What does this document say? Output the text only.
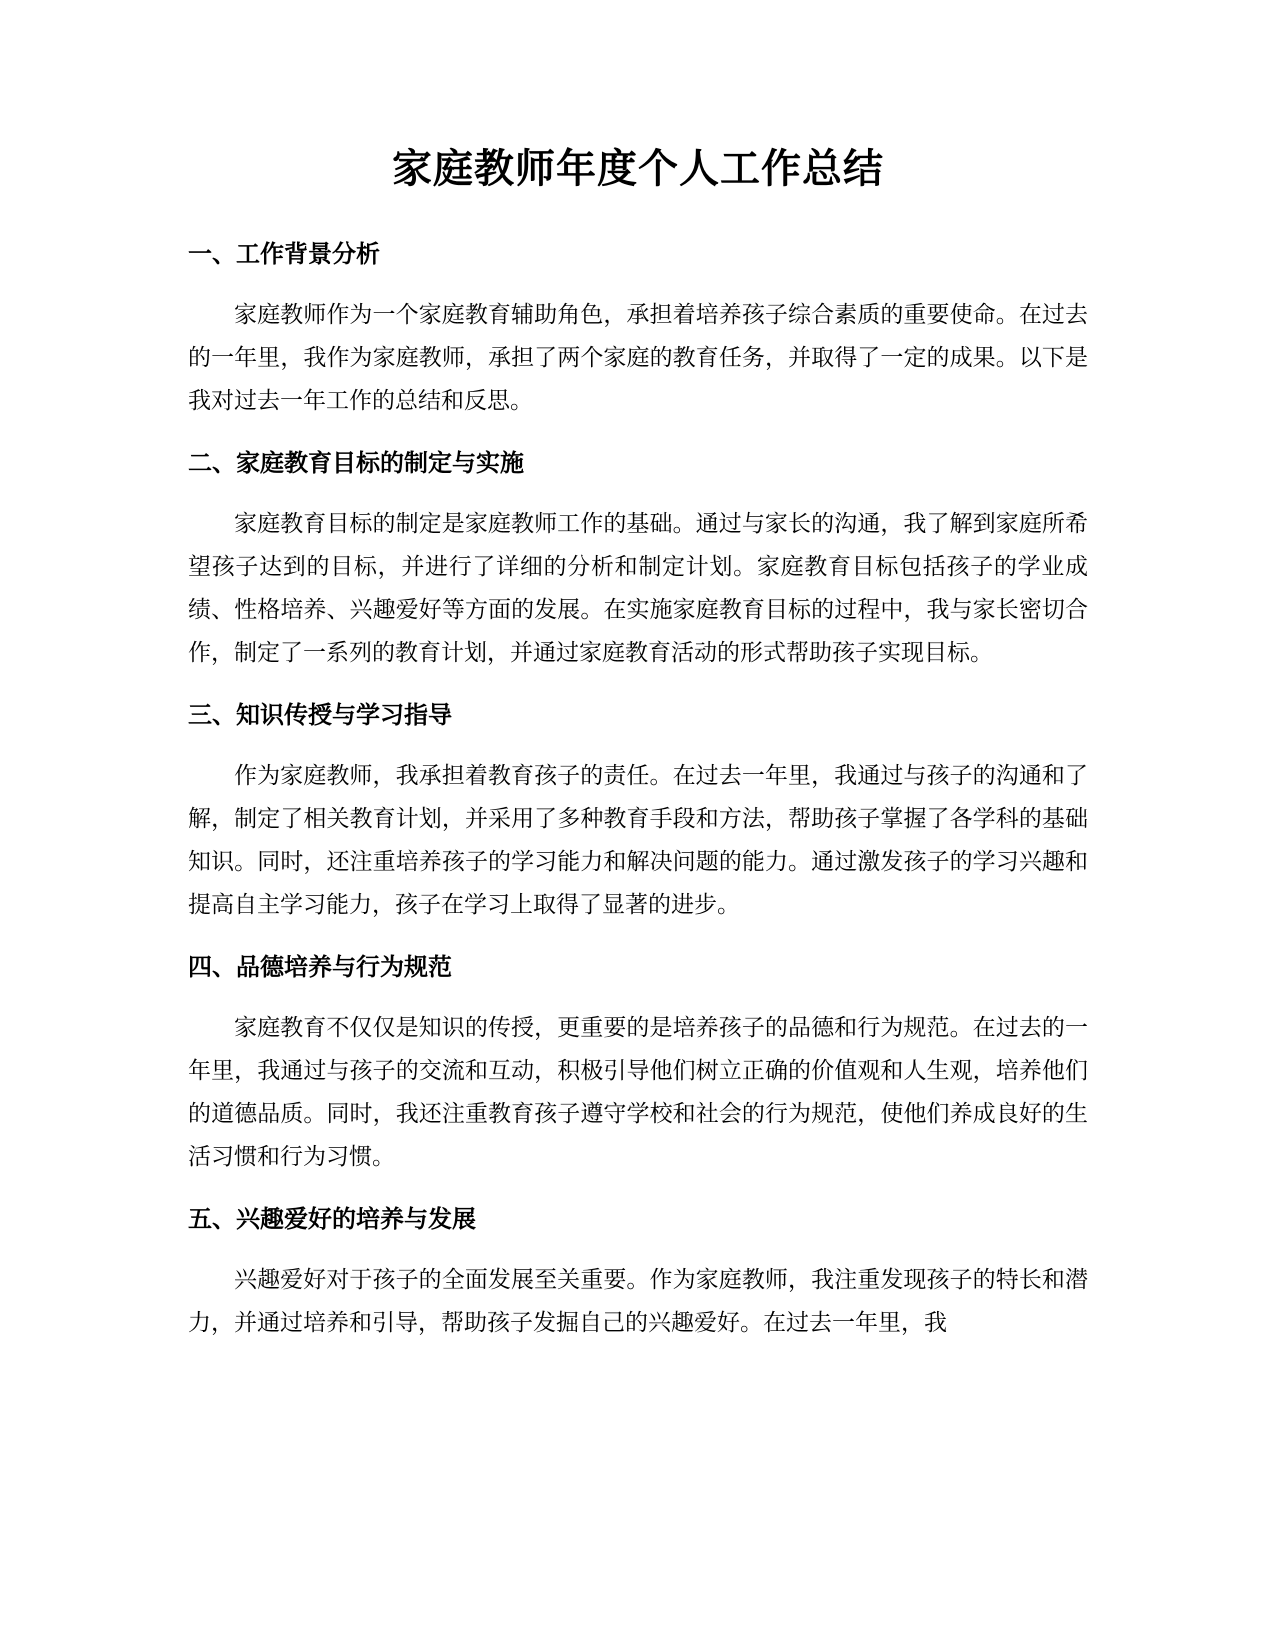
家庭教师年度个人工作总结
一、工作背景分析

家庭教师作为一个家庭教育辅助角色，承担着培养孩子综合素质的重要使命。在过去的一年里，我作为家庭教师，承担了两个家庭的教育任务，并取得了一定的成果。以下是我对过去一年工作的总结和反思。

二、家庭教育目标的制定与实施

家庭教育目标的制定是家庭教师工作的基础。通过与家长的沟通，我了解到家庭所希望孩子达到的目标，并进行了详细的分析和制定计划。家庭教育目标包括孩子的学业成绩、性格培养、兴趣爱好等方面的发展。在实施家庭教育目标的过程中，我与家长密切合作，制定了一系列的教育计划，并通过家庭教育活动的形式帮助孩子实现目标。

三、知识传授与学习指导

作为家庭教师，我承担着教育孩子的责任。在过去一年里，我通过与孩子的沟通和了解，制定了相关教育计划，并采用了多种教育手段和方法，帮助孩子掌握了各学科的基础知识。同时，还注重培养孩子的学习能力和解决问题的能力。通过激发孩子的学习兴趣和提高自主学习能力，孩子在学习上取得了显著的进步。

四、品德培养与行为规范

家庭教育不仅仅是知识的传授，更重要的是培养孩子的品德和行为规范。在过去的一年里，我通过与孩子的交流和互动，积极引导他们树立正确的价值观和人生观，培养他们的道德品质。同时，我还注重教育孩子遵守学校和社会的行为规范，使他们养成良好的生活习惯和行为习惯。

五、兴趣爱好的培养与发展

兴趣爱好对于孩子的全面发展至关重要。作为家庭教师，我注重发现孩子的特长和潜力，并通过培养和引导，帮助孩子发掘自己的兴趣爱好。在过去一年里，我
